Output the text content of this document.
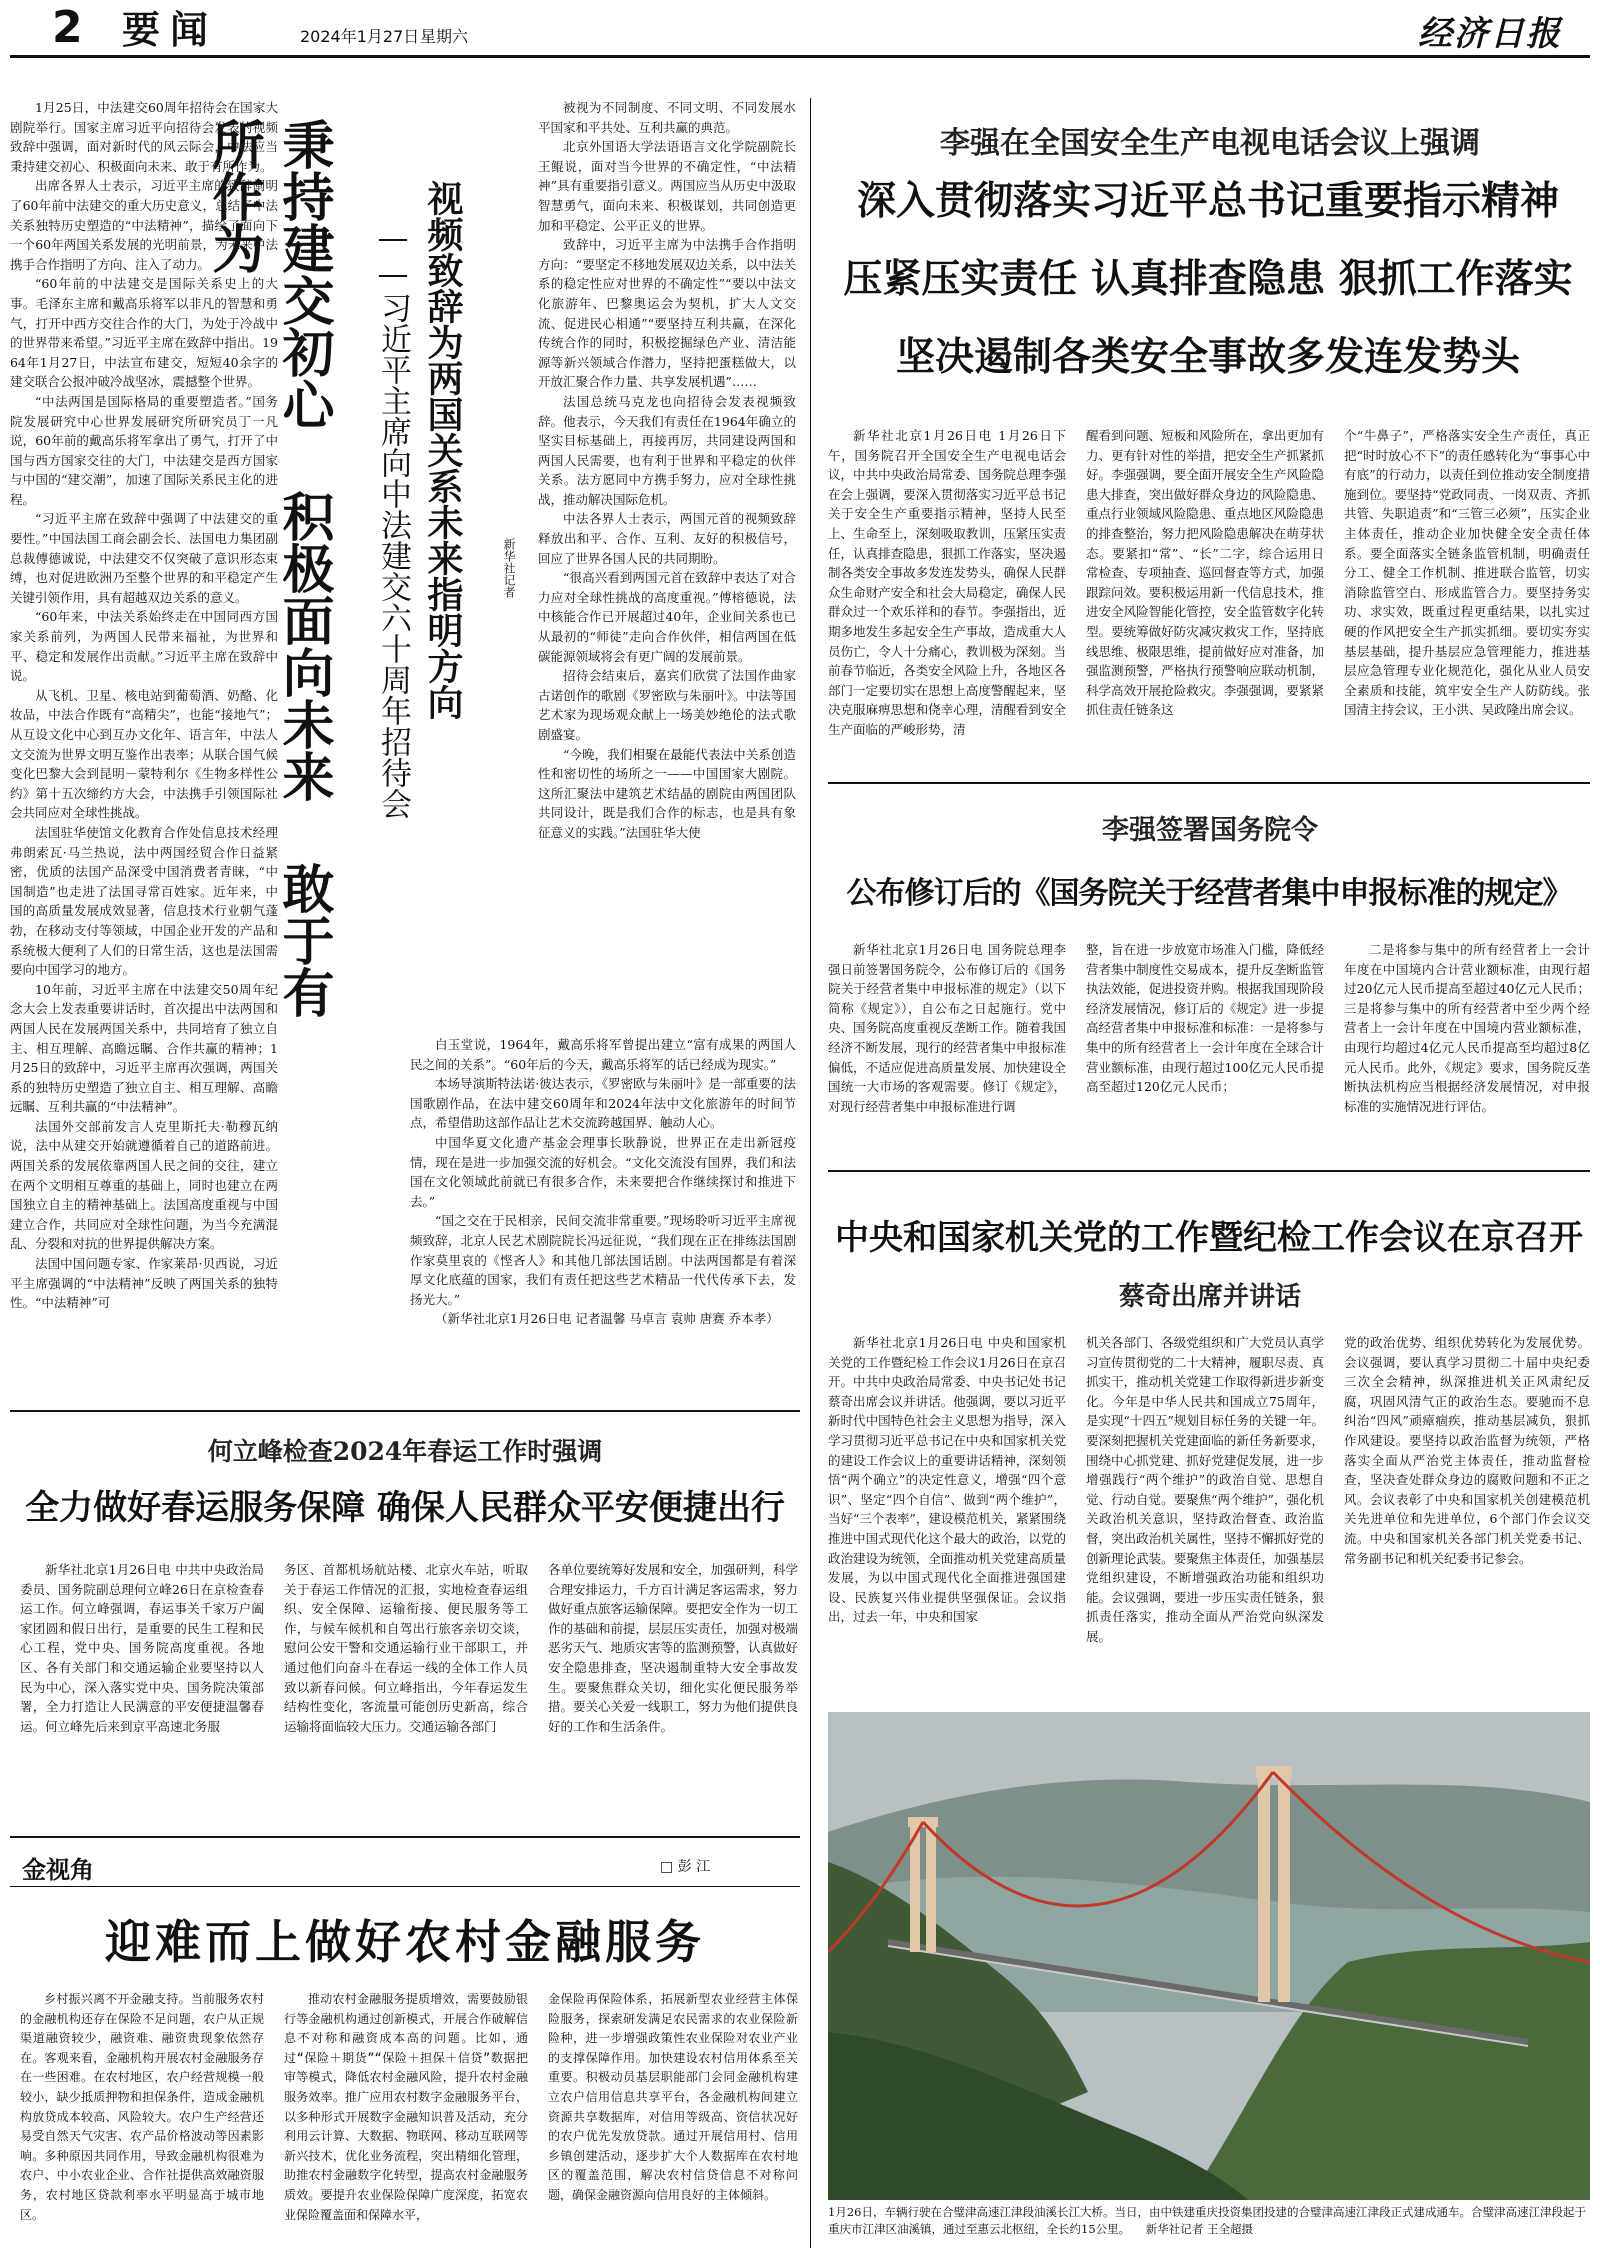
2 要闻	2024年1月27日 星期六	经济日报

1月25日，中法建交60周年招待会在国家大剧院举行。国家主席习近平向招待会发表的视频致辞中强调，面对新时代的风云际会，中法应当秉持建交初心、积极面向未来、敢于有所作为。

出席各界人士表示，习近平主席的致辞阐明了60年前中法建交的重大历史意义，总结了中法关系独特历史塑造的“中法精神”，描绘了面向下一个60年两国关系发展的光明前景，为未来中法携手合作指明了方向、注入了动力。

“60年前的中法建交是国际关系史上的大事。毛泽东主席和戴高乐将军以非凡的智慧和勇气，打开中西方交往合作的大门，为处于冷战中的世界带来希望。”习近平主席在致辞中指出。1964年1月27日，中法宣布建交，短短40余字的建交联合公报冲破冷战坚冰，震撼整个世界。

“中法两国是国际格局的重要塑造者。”国务院发展研究中心世界发展研究所研究员丁一凡说，60年前的戴高乐将军拿出了勇气，打开了中国与西方国家交往的大门，中法建交是西方国家与中国的“建交潮”，加速了国际关系民主化的进程。

“习近平主席在致辞中强调了中法建交的重要性。”中国法国工商会副会长、法国电力集团副总裁傅德诚说，中法建交不仅突破了意识形态束缚，也对促进欧洲乃至整个世界的和平稳定产生关键引领作用，具有超越双边关系的意义。

“60年来，中法关系始终走在中国同西方国家关系前列，为两国人民带来福祉，为世界和平、稳定和发展作出贡献。”习近平主席在致辞中说。

从飞机、卫星、核电站到葡萄酒、奶酪、化妆品，中法合作既有“高精尖”，也能“接地气”；从互设文化中心到互办文化年、语言年，中法人文交流为世界文明互鉴作出表率；从联合国气候变化巴黎大会到昆明－蒙特利尔《生物多样性公约》第十五次缔约方大会，中法携手引领国际社会共同应对全球性挑战。

法国驻华使馆文化教育合作处信息技术经理弗朗索瓦·马兰热说，法中两国经贸合作日益紧密，优质的法国产品深受中国消费者青睐，“中国制造”也走进了法国寻常百姓家。近年来，中国的高质量发展成效显著，信息技术行业朝气蓬勃，在移动支付等领域，中国企业开发的产品和系统极大便利了人们的日常生活，这也是法国需要向中国学习的地方。

10年前，习近平主席在中法建交50周年纪念大会上发表重要讲话时，首次提出中法两国和两国人民在发展两国关系中，共同培育了独立自主、相互理解、高瞻远瞩、合作共赢的精神；1月25日的致辞中，习近平主席再次强调，两国关系的独特历史塑造了独立自主、相互理解、高瞻远瞩、互利共赢的“中法精神”。

法国外交部前发言人克里斯托夫·勒穆瓦纳说，法中从建交开始就遵循着自己的道路前进。两国关系的发展依靠两国人民之间的交往，建立在两个文明相互尊重的基础上，同时也建立在两国独立自主的精神基础上。法国高度重视与中国建立合作，共同应对全球性问题，为当今充满混乱、分裂和对抗的世界提供解决方案。

法国中国问题专家、作家莱昂·贝西说，习近平主席强调的“中法精神”反映了两国关系的独特性。“中法精神”可

秉持建交初心 积极面向未来 敢于有所作为	视频致辞为两国关系未来指明方向
——习近平主席向中法建交六十周年招待会	新华社记者

被视为不同制度、不同文明、不同发展水平国家和平共处、互利共赢的典范。

北京外国语大学法语语言文化学院副院长王鲲说，面对当今世界的不确定性，“中法精神”具有重要指引意义。两国应当从历史中汲取智慧勇气，面向未来、积极谋划，共同创造更加和平稳定、公平正义的世界。

致辞中，习近平主席为中法携手合作指明方向：“要坚定不移地发展双边关系，以中法关系的稳定性应对世界的不确定性”“要以中法文化旅游年、巴黎奥运会为契机，扩大人文交流、促进民心相通”“要坚持互利共赢，在深化传统合作的同时，积极挖掘绿色产业、清洁能源等新兴领域合作潜力，坚持把蛋糕做大，以开放汇聚合作力量、共享发展机遇”……

法国总统马克龙也向招待会发表视频致辞。他表示，今天我们有责任在1964年确立的坚实目标基础上，再接再厉，共同建设两国和两国人民需要，也有利于世界和平稳定的伙伴关系。法方愿同中方携手努力，应对全球性挑战，推动解决国际危机。

中法各界人士表示，两国元首的视频致辞释放出和平、合作、互利、友好的积极信号，回应了世界各国人民的共同期盼。

“很高兴看到两国元首在致辞中表达了对合力应对全球性挑战的高度重视。”傅榕德说，法中核能合作已开展超过40年，企业间关系也已从最初的“师徒”走向合作伙伴，相信两国在低碳能源领域将会有更广阔的发展前景。

招待会结束后，嘉宾们欣赏了法国作曲家古诺创作的歌剧《罗密欧与朱丽叶》。中法等国艺术家为现场观众献上一场美妙绝伦的法式歌剧盛宴。

“今晚，我们相聚在最能代表法中关系创造性和密切性的场所之一——中国国家大剧院。这所汇聚法中建筑艺术结晶的剧院由两国团队共同设计，既是我们合作的标志，也是具有象征意义的实践。”法国驻华大使

白玉堂说，1964年，戴高乐将军曾提出建立“富有成果的两国人民之间的关系”。“60年后的今天，戴高乐将军的话已经成为现实。”

本场导演斯特法诺·彼达表示，《罗密欧与朱丽叶》是一部重要的法国歌剧作品，在法中建交60周年和2024年法中文化旅游年的时间节点，希望借助这部作品让艺术交流跨越国界、触动人心。

中国华夏文化遗产基金会理事长耿静说，世界正在走出新冠疫情，现在是进一步加强交流的好机会。“文化交流没有国界，我们和法国在文化领域此前就已有很多合作，未来要把合作继续探讨和推进下去。”

“国之交在于民相亲，民间交流非常重要。”现场聆听习近平主席视频致辞，北京人民艺术剧院院长冯远征说，“我们现在正在排练法国剧作家莫里哀的《悭吝人》和其他几部法国话剧。中法两国都是有着深厚文化底蕴的国家，我们有责任把这些艺术精品一代代传承下去，发扬光大。”

（新华社北京1月26日电 记者温馨 马卓言 袁帅 唐赛 乔本孝）

李强在全国安全生产电视电话会议上强调
深入贯彻落实习近平总书记重要指示精神
压紧压实责任 认真排查隐患 狠抓工作落实
坚决遏制各类安全事故多发连发势头

新华社北京1月26日电 1月26日下午，国务院召开全国安全生产电视电话会议，中共中央政治局常委、国务院总理李强在会上强调，要深入贯彻落实习近平总书记关于安全生产重要指示精神，坚持人民至上、生命至上，深刻吸取教训，压紧压实责任，认真排查隐患，狠抓工作落实，坚决遏制各类安全事故多发连发势头，确保人民群众生命财产安全和社会大局稳定，确保人民群众过一个欢乐祥和的春节。李强指出，近期多地发生多起安全生产事故，造成重大人员伤亡，令人十分痛心，教训极为深刻。当前春节临近，各类安全风险上升，各地区各部门一定要切实在思想上高度警醒起来，坚决克服麻痹思想和侥幸心理，清醒看到安全生产面临的严峻形势，清

醒看到问题、短板和风险所在，拿出更加有力、更有针对性的举措，把安全生产抓紧抓好。李强强调，要全面开展安全生产风险隐患大排查，突出做好群众身边的风险隐患、重点行业领域风险隐患、重点地区风险隐患的排查整治，努力把风险隐患解决在萌芽状态。要紧扣“常”、“长”二字，综合运用日常检查、专项抽查、巡回督查等方式，加强跟踪问效。要积极运用新一代信息技术，推进安全风险智能化管控，安全监管数字化转型。要统筹做好防灾减灾救灾工作，坚持底线思维、极限思维，提前做好应对准备，加强监测预警，严格执行预警响应联动机制，科学高效开展抢险救灾。李强强调，要紧紧抓住责任链条这

个“牛鼻子”，严格落实安全生产责任，真正把“时时放心不下”的责任感转化为“事事心中有底”的行动力，以责任到位推动安全制度措施到位。要坚持“党政同责、一岗双责、齐抓共管、失职追责”和“三管三必须”，压实企业主体责任，推动企业加快健全安全责任体系。要全面落实全链条监管机制，明确责任分工、健全工作机制、推进联合监管，切实消除监管空白、形成监管合力。要坚持务实功、求实效，既重过程更重结果，以扎实过硬的作风把安全生产抓实抓细。要切实夯实基层基础，提升基层应急管理能力，推进基层应急管理专业化规范化，强化从业人员安全素质和技能，筑牢安全生产人防防线。张国清主持会议，王小洪、吴政隆出席会议。

李强签署国务院令
公布修订后的《国务院关于经营者集中申报标准的规定》

新华社北京1月26日电 国务院总理李强日前签署国务院令，公布修订后的《国务院关于经营者集中申报标准的规定》（以下简称《规定》），自公布之日起施行。党中央、国务院高度重视反垄断工作。随着我国经济不断发展，现行的经营者集中申报标准偏低，不适应促进高质量发展、加快建设全国统一大市场的客观需要。修订《规定》，对现行经营者集中申报标准进行调

整，旨在进一步放宽市场准入门槛，降低经营者集中制度性交易成本，提升反垄断监管执法效能，促进投资并购。根据我国现阶段经济发展情况，修订后的《规定》进一步提高经营者集中申报标准和标准：一是将参与集中的所有经营者上一会计年度在全球合计营业额标准，由现行超过100亿元人民币提高至超过120亿元人民币；

二是将参与集中的所有经营者上一会计年度在中国境内合计营业额标准，由现行超过20亿元人民币提高至超过40亿元人民币；三是将参与集中的所有经营者中至少两个经营者上一会计年度在中国境内营业额标准，由现行均超过4亿元人民币提高至均超过8亿元人民币。此外，《规定》要求，国务院反垄断执法机构应当根据经济发展情况，对申报标准的实施情况进行评估。

中央和国家机关党的工作暨纪检工作会议在京召开
蔡奇出席并讲话

新华社北京1月26日电 中央和国家机关党的工作暨纪检工作会议1月26日在京召开。中共中央政治局常委、中央书记处书记蔡奇出席会议并讲话。他强调，要以习近平新时代中国特色社会主义思想为指导，深入学习贯彻习近平总书记在中央和国家机关党的建设工作会议上的重要讲话精神，深刻领悟“两个确立”的决定性意义，增强“四个意识”、坚定“四个自信”、做到“两个维护”，当好“三个表率”，建设模范机关，紧紧围绕推进中国式现代化这个最大的政治，以党的政治建设为统领，全面推动机关党建高质量发展，为以中国式现代化全面推进强国建设、民族复兴伟业提供坚强保证。会议指出，过去一年，中央和国家

机关各部门、各级党组织和广大党员认真学习宣传贯彻党的二十大精神，履职尽责、真抓实干，推动机关党建工作取得新进步新变化。今年是中华人民共和国成立75周年，是实现“十四五”规划目标任务的关键一年。要深刻把握机关党建面临的新任务新要求，围绕中心抓党建、抓好党建促发展，进一步增强践行“两个维护”的政治自觉、思想自觉、行动自觉。要聚焦“两个维护”，强化机关政治机关意识，坚持政治督查、政治监督，突出政治机关属性，坚持不懈抓好党的创新理论武装。要聚焦主体责任，加强基层党组织建设，不断增强政治功能和组织功能。会议强调，要进一步压实责任链条，狠抓责任落实，推动全面从严治党向纵深发展。

党的政治优势、组织优势转化为发展优势。会议强调，要认真学习贯彻二十届中央纪委三次全会精神，纵深推进机关正风肃纪反腐，巩固风清气正的政治生态。要驰而不息纠治“四风”顽瘴痼疾，推动基层减负，狠抓作风建设。要坚持以政治监督为统领，严格落实全面从严治党主体责任，推动监督检查，坚决查处群众身边的腐败问题和不正之风。会议表彰了中央和国家机关创建模范机关先进单位和先进单位，6个部门作会议交流。中央和国家机关各部门机关党委书记、常务副书记和机关纪委书记参会。

1月26日，车辆行驶在合璧津高速江津段油溪长江大桥。当日，由中铁建重庆投资集团投建的合璧津高速江津段正式建成通车。合璧津高速江津段起于重庆市江津区油溪镇，通过至惠云北枢纽，全长约15公里。 新华社记者 王全超摄
何立峰检查2024年春运工作时强调
全力做好春运服务保障 确保人民群众平安便捷出行

新华社北京1月26日电 中共中央政治局委员、国务院副总理何立峰26日在京检查春运工作。何立峰强调，春运事关千家万户阖家团圆和假日出行，是重要的民生工程和民心工程，党中央、国务院高度重视。各地区、各有关部门和交通运输企业要坚持以人民为中心，深入落实党中央、国务院决策部署，全力打造让人民满意的平安便捷温馨春运。何立峰先后来到京平高速北务服

务区、首都机场航站楼、北京火车站，听取关于春运工作情况的汇报，实地检查春运组织、安全保障、运输衔接、便民服务等工作，与候车候机和自驾出行旅客亲切交谈，慰问公安干警和交通运输行业干部职工，并通过他们向奋斗在春运一线的全体工作人员致以新春问候。何立峰指出，今年春运发生结构性变化，客流量可能创历史新高，综合运输将面临较大压力。交通运输各部门

各单位要统筹好发展和安全，加强研判，科学合理安排运力，千方百计满足客运需求，努力做好重点旅客运输保障。要把安全作为一切工作的基础和前提，层层压实责任，加强对极端恶劣天气、地质灾害等的监测预警，认真做好安全隐患排查，坚决遏制重特大安全事故发生。要聚焦群众关切，细化实化便民服务举措。要关心关爱一线职工，努力为他们提供良好的工作和生活条件。

金视角	□ 彭 江
迎难而上做好农村金融服务

乡村振兴离不开金融支持。当前服务农村的金融机构还存在保险不足问题，农户从正规渠道融资较少，融资难、融资贵现象依然存在。客观来看，金融机构开展农村金融服务存在一些困难。在农村地区，农户经营规模一般较小，缺少抵质押物和担保条件，造成金融机构放贷成本较高、风险较大。农户生产经营还易受自然天气灾害、农产品价格波动等因素影响。多种原因共同作用，导致金融机构很难为农户、中小农业企业、合作社提供高效融资服务，农村地区贷款利率水平明显高于城市地区。

推动农村金融服务提质增效，需要鼓励银行等金融机构通过创新模式，开展合作破解信息不对称和融资成本高的问题。比如，通过“保险＋期货”“保险＋担保＋信贷”数据把审等模式，降低农村金融风险，提升农村金融服务效率。推广应用农村数字金融服务平台，以多种形式开展数字金融知识普及活动，充分利用云计算、大数据、物联网、移动互联网等新兴技术，优化业务流程，突出精细化管理，助推农村金融数字化转型，提高农村金融服务质效。要提升农业保险保障广度深度，拓宽农业保险覆盖面和保障水平，

金保险再保险体系，拓展新型农业经营主体保险服务，探索研发满足农民需求的农业保险新险种，进一步增强政策性农业保险对农业产业的支撑保障作用。加快建设农村信用体系至关重要。积极动员基层职能部门会同金融机构建立农户信用信息共享平台，各金融机构间建立资源共享数据库，对信用等级高、资信状况好的农户优先发放贷款。通过开展信用村、信用乡镇创建活动，逐步扩大个人数据库在农村地区的覆盖范围，解决农村信贷信息不对称问题，确保金融资源向信用良好的主体倾斜。
